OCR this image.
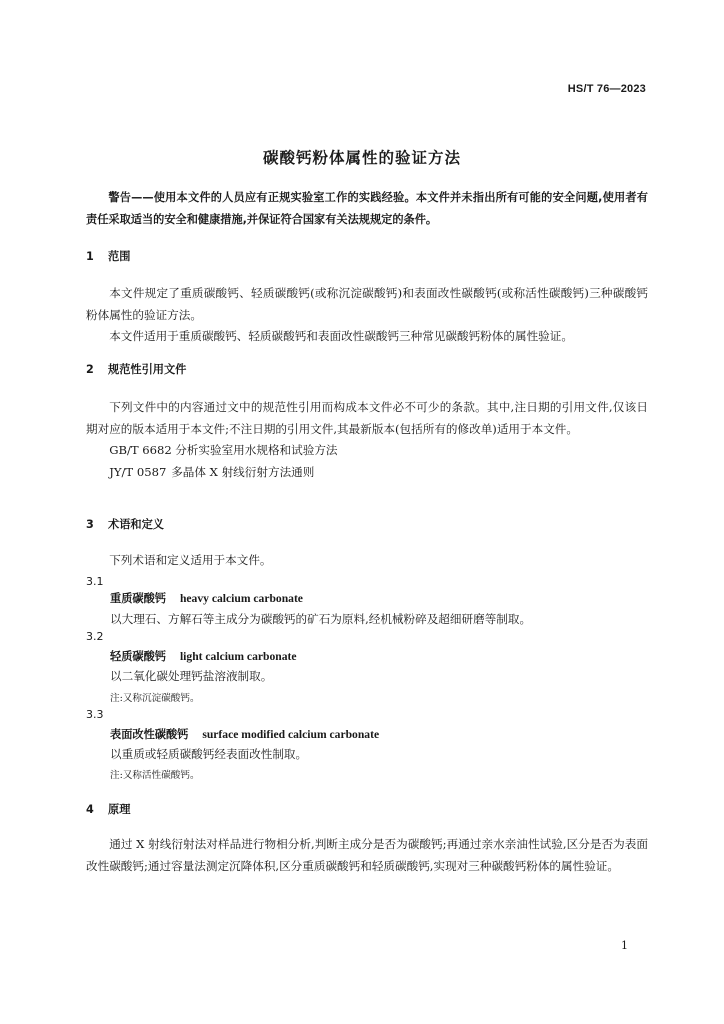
HS/T 76—2023
碳酸钙粉体属性的验证方法

警告——使用本文件的人员应有正规实验室工作的实践经验。本文件并未指出所有可能的安全问题,使用者有责任采取适当的安全和健康措施,并保证符合国家有关法规规定的条件。

1 范围

本文件规定了重质碳酸钙、轻质碳酸钙(或称沉淀碳酸钙)和表面改性碳酸钙(或称活性碳酸钙)三种碳酸钙粉体属性的验证方法。

本文件适用于重质碳酸钙、轻质碳酸钙和表面改性碳酸钙三种常见碳酸钙粉体的属性验证。

2 规范性引用文件

下列文件中的内容通过文中的规范性引用而构成本文件必不可少的条款。其中,注日期的引用文件,仅该日期对应的版本适用于本文件;不注日期的引用文件,其最新版本(包括所有的修改单)适用于本文件。

GB/T 6682 分析实验室用水规格和试验方法

JY/T 0587 多晶体 X 射线衍射方法通则

3 术语和定义

下列术语和定义适用于本文件。

3.1
重质碳酸钙 heavy calcium carbonate
以大理石、方解石等主成分为碳酸钙的矿石为原料,经机械粉碎及超细研磨等制取。
3.2
轻质碳酸钙 light calcium carbonate
以二氧化碳处理钙盐溶液制取。
注:又称沉淀碳酸钙。
3.3
表面改性碳酸钙 surface modified calcium carbonate
以重质或轻质碳酸钙经表面改性制取。
注:又称活性碳酸钙。
4 原理

通过 X 射线衍射法对样品进行物相分析,判断主成分是否为碳酸钙;再通过亲水亲油性试验,区分是否为表面改性碳酸钙;通过容量法测定沉降体积,区分重质碳酸钙和轻质碳酸钙,实现对三种碳酸钙粉体的属性验证。

1
